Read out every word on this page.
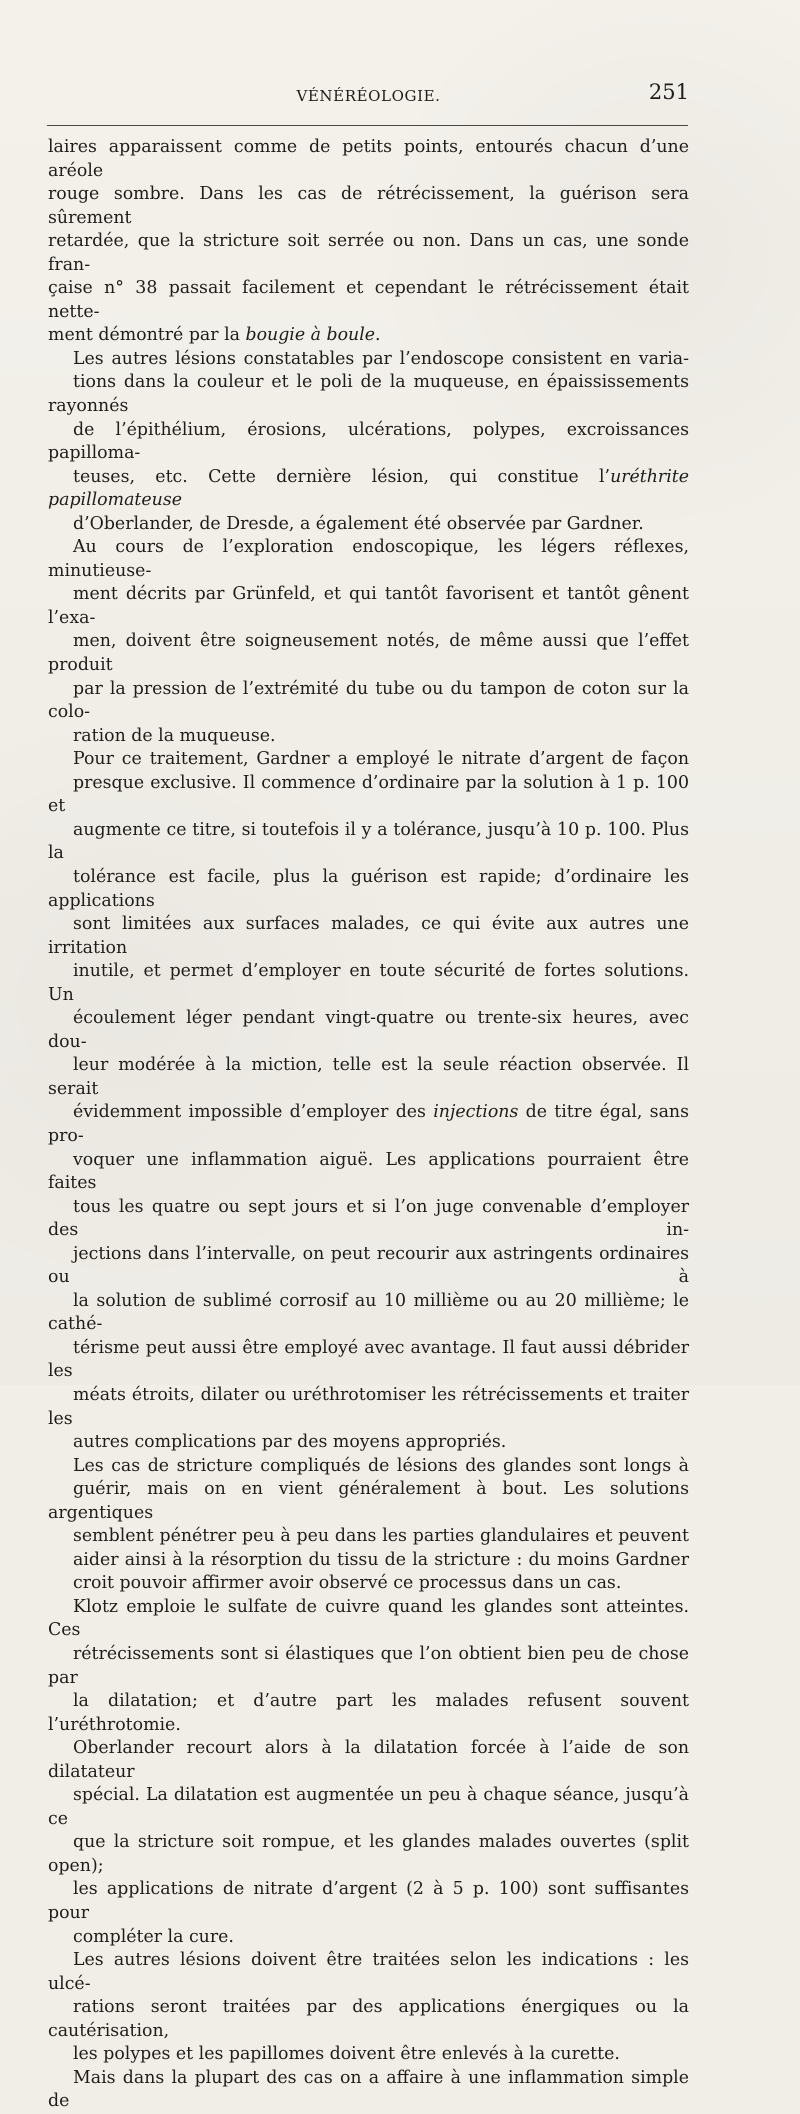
VÉNÉRÉOLOGIE.	251

laires apparaissent comme de petits points, entourés chacun d’une aréole
rouge sombre. Dans les cas de rétrécissement, la guérison sera sûrement
retardée, que la stricture soit serrée ou non. Dans un cas, une sonde fran-
çaise n° 38 passait facilement et cependant le rétrécissement était nette-
ment démontré par la bougie à boule.

Les autres lésions constatables par l’endoscope consistent en varia-
tions dans la couleur et le poli de la muqueuse, en épaississements rayonnés
de l’épithélium, érosions, ulcérations, polypes, excroissances papilloma-
teuses, etc. Cette dernière lésion, qui constitue l’uréthrite papillomateuse
d’Oberlander, de Dresde, a également été observée par Gardner.

Au cours de l’exploration endoscopique, les légers réflexes, minutieuse-
ment décrits par Grünfeld, et qui tantôt favorisent et tantôt gênent l’exa-
men, doivent être soigneusement notés, de même aussi que l’effet produit
par la pression de l’extrémité du tube ou du tampon de coton sur la colo-
ration de la muqueuse.

Pour ce traitement, Gardner a employé le nitrate d’argent de façon
presque exclusive. Il commence d’ordinaire par la solution à 1 p. 100 et
augmente ce titre, si toutefois il y a tolérance, jusqu’à 10 p. 100. Plus la
tolérance est facile, plus la guérison est rapide; d’ordinaire les applications
sont limitées aux surfaces malades, ce qui évite aux autres une irritation
inutile, et permet d’employer en toute sécurité de fortes solutions. Un
écoulement léger pendant vingt-quatre ou trente-six heures, avec dou-
leur modérée à la miction, telle est la seule réaction observée. Il serait
évidemment impossible d’employer des injections de titre égal, sans pro-
voquer une inflammation aiguë. Les applications pourraient être faites
tous les quatre ou sept jours et si l’on juge convenable d’employer des in-
jections dans l’intervalle, on peut recourir aux astringents ordinaires ou à
la solution de sublimé corrosif au 10 millième ou au 20 millième; le cathé-
térisme peut aussi être employé avec avantage. Il faut aussi débrider les
méats étroits, dilater ou uréthrotomiser les rétrécissements et traiter les
autres complications par des moyens appropriés.

Les cas de stricture compliqués de lésions des glandes sont longs à
guérir, mais on en vient généralement à bout. Les solutions argentiques
semblent pénétrer peu à peu dans les parties glandulaires et peuvent
aider ainsi à la résorption du tissu de la stricture : du moins Gardner
croit pouvoir affirmer avoir observé ce processus dans un cas.

Klotz emploie le sulfate de cuivre quand les glandes sont atteintes. Ces
rétrécissements sont si élastiques que l’on obtient bien peu de chose par
la dilatation; et d’autre part les malades refusent souvent l’uréthrotomie.
Oberlander recourt alors à la dilatation forcée à l’aide de son dilatateur
spécial. La dilatation est augmentée un peu à chaque séance, jusqu’à ce
que la stricture soit rompue, et les glandes malades ouvertes (split open);
les applications de nitrate d’argent (2 à 5 p. 100) sont suffisantes pour
compléter la cure.

Les autres lésions doivent être traitées selon les indications : les ulcé-
rations seront traitées par des applications énergiques ou la cautérisation,
les polypes et les papillomes doivent être enlevés à la curette.

Mais dans la plupart des cas on a affaire à une inflammation simple de
